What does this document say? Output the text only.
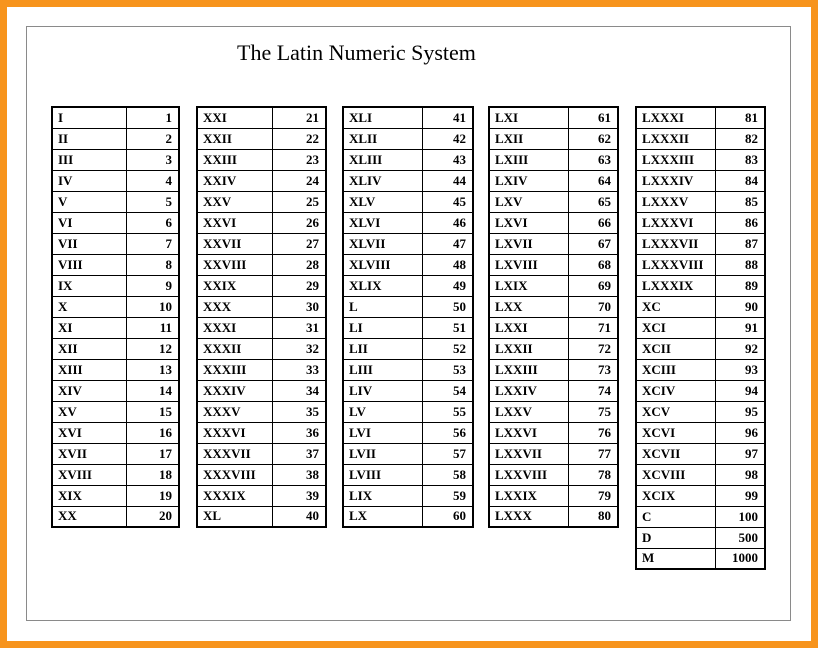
The Latin Numeric System
I	1
II	2
III	3
IV	4
V	5
VI	6
VII	7
VIII	8
IX	9
X	10
XI	11
XII	12
XIII	13
XIV	14
XV	15
XVI	16
XVII	17
XVIII	18
XIX	19
XX	20
XXI	21
XXII	22
XXIII	23
XXIV	24
XXV	25
XXVI	26
XXVII	27
XXVIII	28
XXIX	29
XXX	30
XXXI	31
XXXII	32
XXXIII	33
XXXIV	34
XXXV	35
XXXVI	36
XXXVII	37
XXXVIII	38
XXXIX	39
XL	40
XLI	41
XLII	42
XLIII	43
XLIV	44
XLV	45
XLVI	46
XLVII	47
XLVIII	48
XLIX	49
L	50
LI	51
LII	52
LIII	53
LIV	54
LV	55
LVI	56
LVII	57
LVIII	58
LIX	59
LX	60
LXI	61
LXII	62
LXIII	63
LXIV	64
LXV	65
LXVI	66
LXVII	67
LXVIII	68
LXIX	69
LXX	70
LXXI	71
LXXII	72
LXXIII	73
LXXIV	74
LXXV	75
LXXVI	76
LXXVII	77
LXXVIII	78
LXXIX	79
LXXX	80
LXXXI	81
LXXXII	82
LXXXIII	83
LXXXIV	84
LXXXV	85
LXXXVI	86
LXXXVII	87
LXXXVIII	88
LXXXIX	89
XC	90
XCI	91
XCII	92
XCIII	93
XCIV	94
XCV	95
XCVI	96
XCVII	97
XCVIII	98
XCIX	99
C	100
D	500
M	1000
